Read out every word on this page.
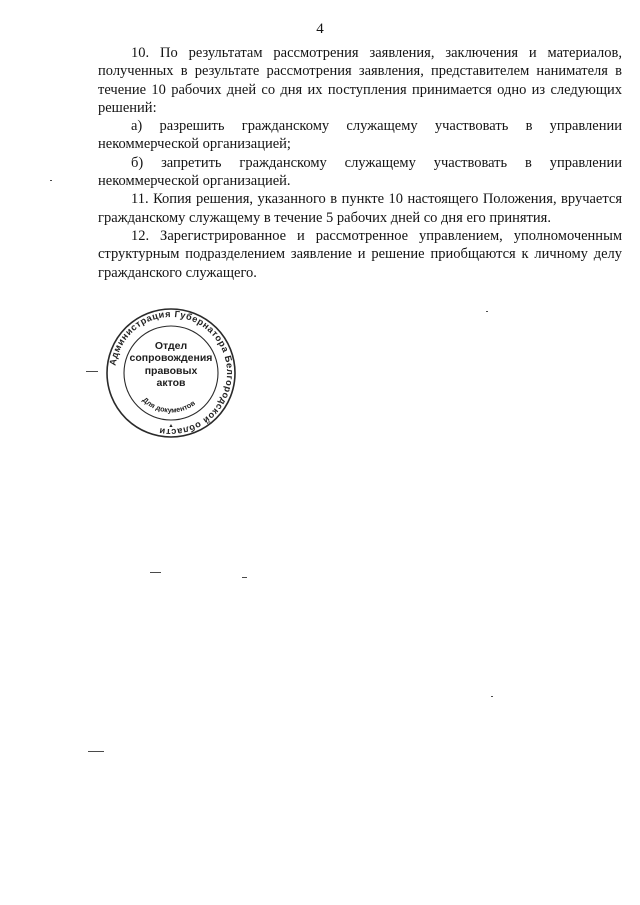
4

10. По результатам рассмотрения заявления, заключения и материалов, полученных в результате рассмотрения заявления, представителем нанимателя в течение 10 рабочих дней со дня их поступления принимается одно из следующих решений:

а) разрешить гражданскому служащему участвовать в управлении некоммерческой организацией;

б) запретить гражданскому служащему участвовать в управлении некоммерческой организацией.

11. Копия решения, указанного в пункте 10 настоящего Положения, вручается гражданскому служащему в течение 5 рабочих дней со дня его принятия.

12. Зарегистрированное и рассмотренное управлением, уполномоченным структурным подразделением заявление и решение приобщаются к личному делу гражданского служащего.

Администрация Губернатора Белгородской области
Для документов
Отдел сопровождения правовых актов
